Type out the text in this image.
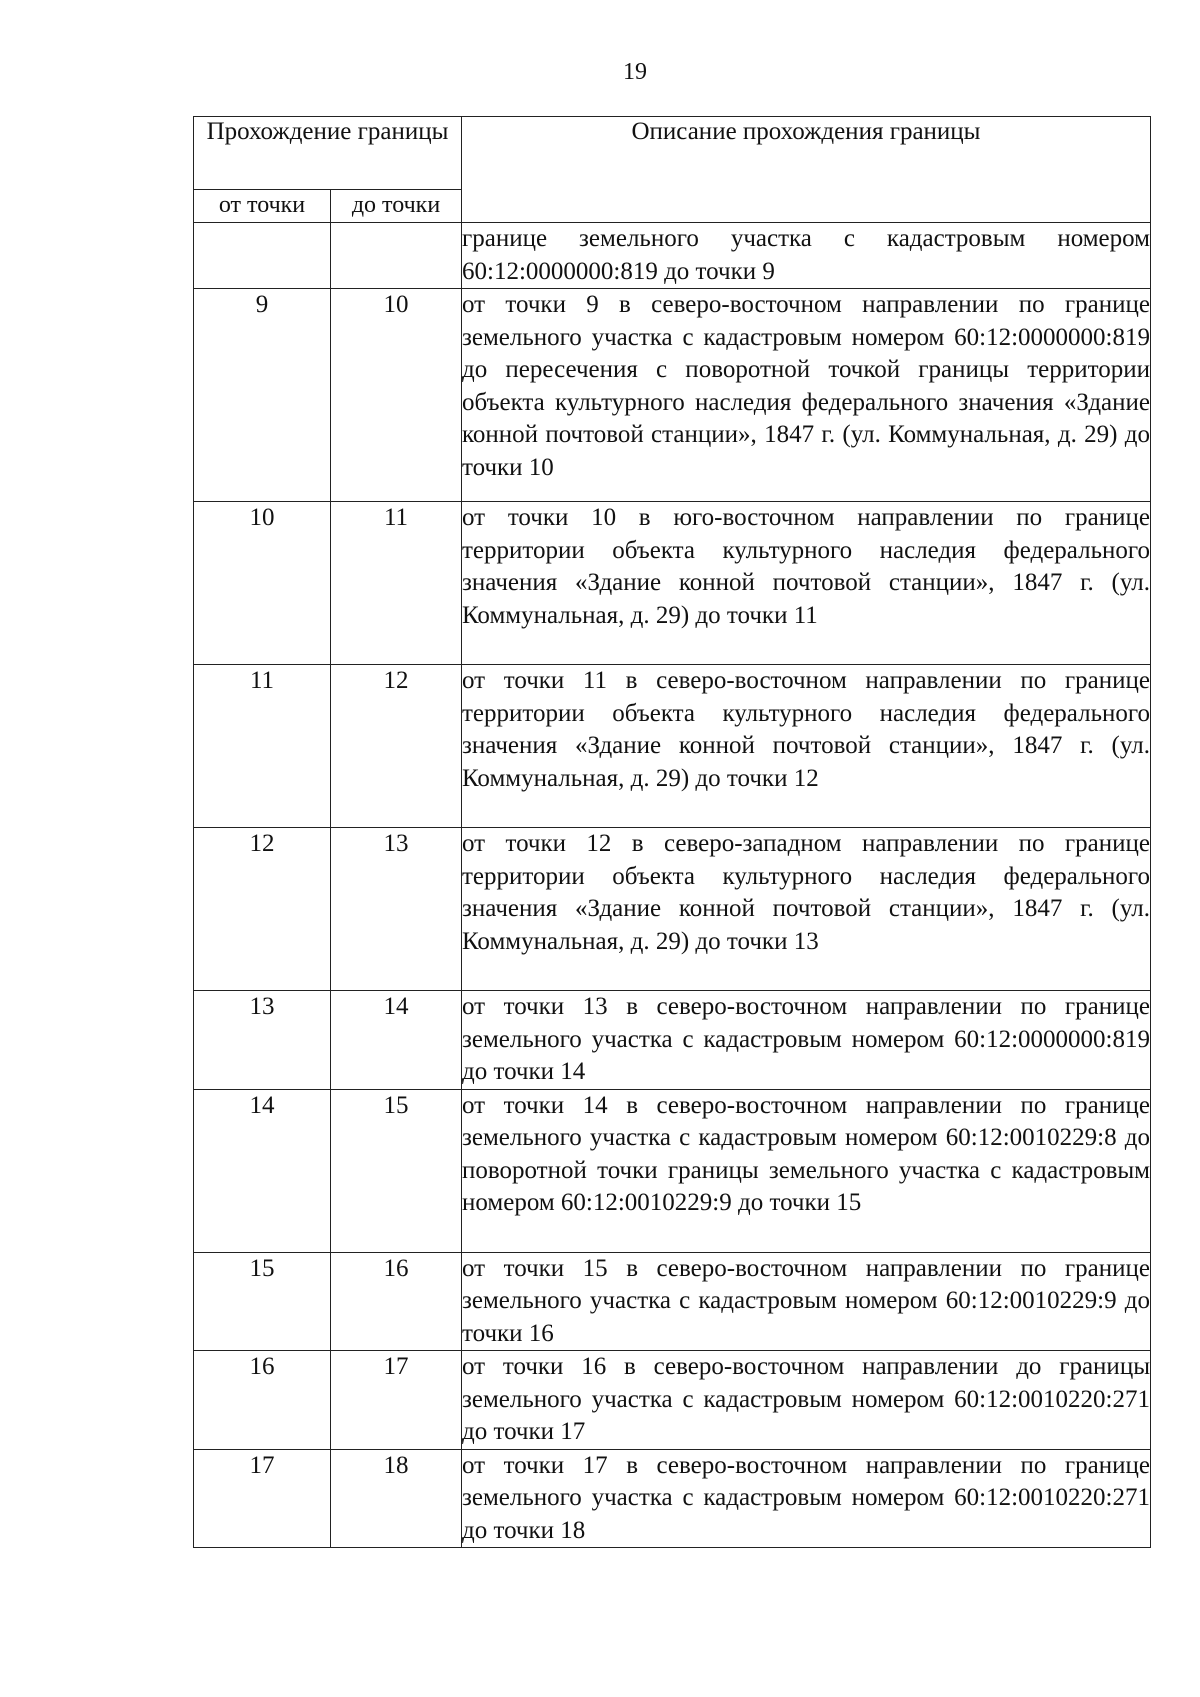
19
Прохождение границы		Описание прохождения границы
от точки	до точки	

		границе земельного участка с кадастровым номером 60:12:0000000:819 до точки 9

9	10	от точки 9 в северо-восточном направлении по границе земельного участка с кадастровым номером 60:12:0000000:819 до пересечения с поворотной точкой границы территории объекта культурного наследия федерального значения «Здание конной почтовой станции», 1847 г. (ул. Коммунальная, д. 29) до точки 10

10	11	от точки 10 в юго-восточном направлении по границе территории объекта культурного наследия федерального значения «Здание конной почтовой станции», 1847 г. (ул. Коммунальная, д. 29) до точки 11

11	12	от точки 11 в северо-восточном направлении по границе территории объекта культурного наследия федерального значения «Здание конной почтовой станции», 1847 г. (ул. Коммунальная, д. 29) до точки 12

12	13	от точки 12 в северо-западном направлении по границе территории объекта культурного наследия федерального значения «Здание конной почтовой станции», 1847 г. (ул. Коммунальная, д. 29) до точки 13

13	14	от точки 13 в северо-восточном направлении по границе земельного участка с кадастровым номером 60:12:0000000:819 до точки 14

14	15	от точки 14 в северо-восточном направлении по границе земельного участка с кадастровым номером 60:12:0010229:8 до поворотной точки границы земельного участка с кадастровым номером 60:12:0010229:9 до точки 15

15	16	от точки 15 в северо-восточном направлении по границе земельного участка с кадастровым номером 60:12:0010229:9 до точки 16

16	17	от точки 16 в северо-восточном направлении до границы земельного участка с кадастровым номером 60:12:0010220:271 до точки 17

17	18	от точки 17 в северо-восточном направлении по границе земельного участка с кадастровым номером 60:12:0010220:271 до точки 18
